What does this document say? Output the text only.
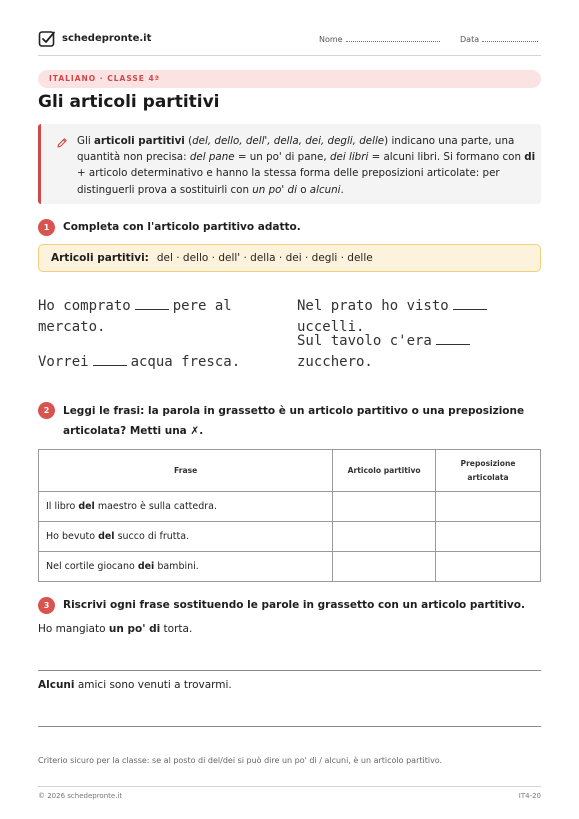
schedepronte.it	Nome	Data
ITALIANO · CLASSE 4ª
Gli articoli partitivi
Gli articoli partitivi (del, dello, dell', della, dei, degli, delle) indicano una parte, una quantità non precisa: del pane = un po' di pane, dei libri = alcuni libri. Si formano con di + articolo determinativo e hanno la stessa forma delle preposizioni articolate: per distinguerli prova a sostituirli con un po' di o alcuni.
1 Completa con l'articolo partitivo adatto.
Articoli partitivi: del · dello · dell' · della · dei · degli · delle
Ho comprato	pere al mercato.
Vorrei	acqua fresca.
Nel prato ho vistouccelli.
Sul tavolo c'erazucchero.
2 Leggi le frasi: la parola in grassetto è un articolo partitivo o una preposizione articolata? Metti una ✗.
Frase	Articolo partitivo	Preposizione articolata
Il libro del maestro è sulla cattedra.		
Ho bevuto del succo di frutta.		
Nel cortile giocano dei bambini.		
3 Riscrivi ogni frase sostituendo le parole in grassetto con un articolo partitivo.
Ho mangiato un po' di torta.
Alcuni amici sono venuti a trovarmi.
Criterio sicuro per la classe: se al posto di del/dei si può dire un po' di / alcuni, è un articolo partitivo.
© 2026 schedepronte.it	IT4-20
